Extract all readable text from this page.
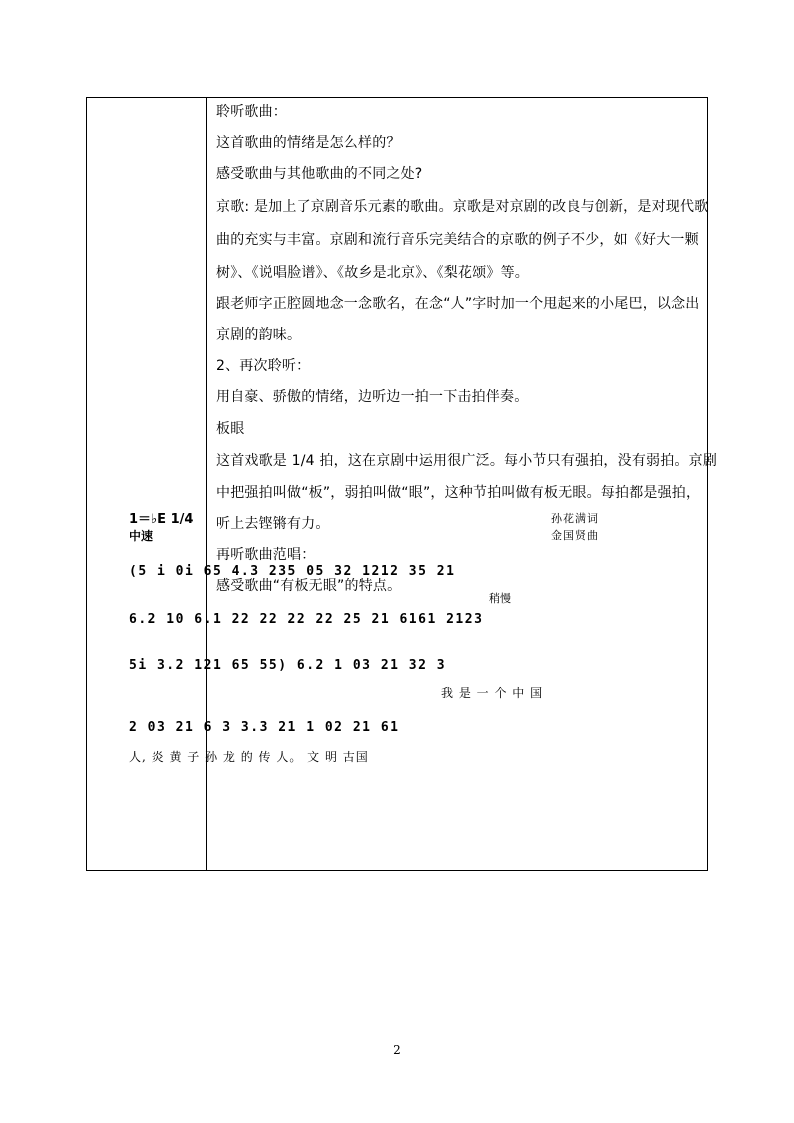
聆听歌曲：
这首歌曲的情绪是怎么样的？
感受歌曲与其他歌曲的不同之处?
京歌: 是加上了京剧音乐元素的歌曲。京歌是对京剧的改良与创新，是对现代歌
曲的充实与丰富。京剧和流行音乐完美结合的京歌的例子不少，如《好大一颗
树》、《说唱脸谱》、《故乡是北京》、《梨花颂》等。
跟老师字正腔圆地念一念歌名，在念“人”字时加一个甩起来的小尾巴，以念出
京剧的韵味。
2、再次聆听：
用自豪、骄傲的情绪，边听边一拍一下击拍伴奏。
板眼
这首戏歌是 1/4 拍，这在京剧中运用很广泛。每小节只有强拍，没有弱拍。京剧
中把强拍叫做“板”，弱拍叫做“眼”，这种节拍叫做有板无眼。每拍都是强拍，
听上去铿锵有力。
再听歌曲范唱：
感受歌曲“有板无眼”的特点。
1＝♭E 1/4
中速
孙花满词
金国贤曲
(5 i 0i 65 4.3 235 05 32 1212 35 21
稍慢
6.2 10 6.1 22 22 22 22 25 21 6161 2123
5i 3.2 121 65 55) 6.2 1 03 21 32 3
我 是 一 个 中 国
2 03 21 6 3 3.3 21 1 02 21 61
人, 炎 黄 子 孙 龙 的 传 人。 文 明 古国
2
